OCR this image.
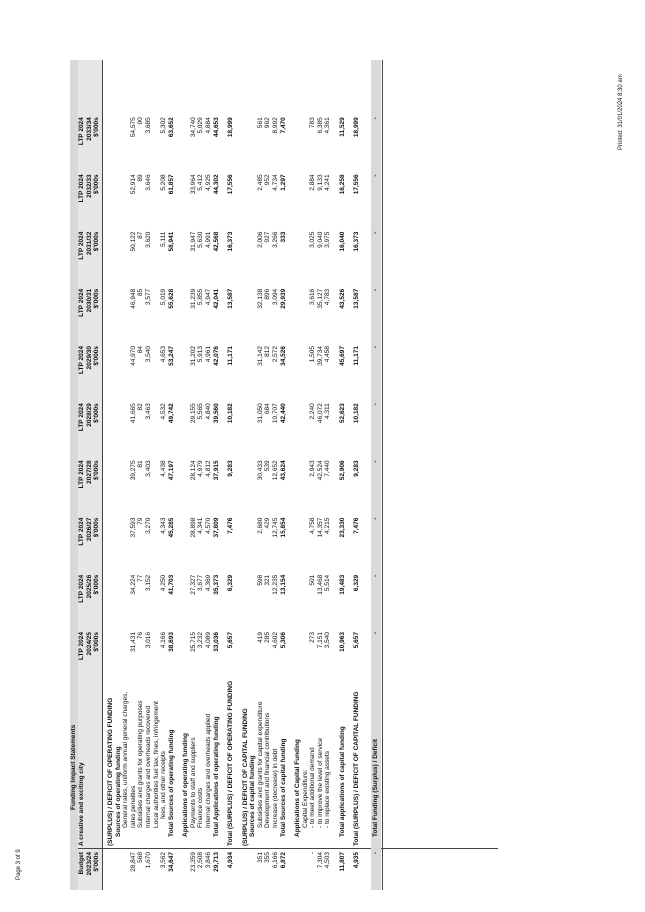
Funding Impact Statements
Budget 2023/24 $'000s
A creative and exciting city
LTP 2024 2024/25 $'000s
LTP 2024 2025/26 $'000s
LTP 2024 2026/27 $'000s
LTP 2024 2027/28 $'000s
LTP 2024 2028/29 $'000s
LTP 2024 2029/30 $'000s
LTP 2024 2030/31 $'000s
LTP 2024 2031/32 $'000s
LTP 2024 2032/33 $'000s
LTP 2024 2033/34 $'000s
(SURPLUS) / DEFICIT OF OPERATING FUNDING Sources of operating funding General rates, uniform annual general charges, rates penalties
28,847
31,431
34,224
37,593
39,275
41,665
44,970
46,948
50,122
52,914
54,575
Subsidies and grants for operating purposes
568
76
77
79
81
82
84
85
87
89
90
Internal charges and overheads recovered
1,670
3,016
3,152
3,270
3,403
3,463
3,540
3,577
3,620
3,646
3,685
Local authorities fuel tax, fines, infringement fees, and other receipts
3,562
4,166
4,250
4,343
4,438
4,532
4,653
5,019
5,111
5,208
5,302
Total Sources of operating funding
34,647
38,693
41,703
45,285
47,197
49,742
53,247
55,628
58,941
61,857
63,652
Applications of operating funding Payments to staff and suppliers
23,359
25,715
27,327
28,898
28,124
29,155
31,202
31,239
31,947
33,964
34,740
Finance costs
2,508
3,232
3,677
4,341
4,979
5,565
5,913
5,855
5,630
5,412
5,029
Internal charges and overheads applied
3,846
4,089
4,369
4,570
4,812
4,840
4,961
4,947
4,991
4,925
4,884
Total Applications of operating funding
29,713
33,036
35,373
37,809
37,915
39,560
42,076
42,041
42,568
44,302
44,653
Total (SURPLUS) / DEFICIT OF OPERATING FUNDING
4,934
5,657
6,329
7,476
9,283
10,182
11,171
13,587
16,373
17,556
18,999
(SURPLUS) / DEFICIT OF CAPITAL FUNDING Sources of capital funding Subsidies and grants for capital expenditure
351
419
598
2,680
30,433
31,050
31,142
32,138
2,006
2,485
561
Development and financial contributions
355
285
321
429
539
684
812
896
927
952
962
Increase (decrease) in debt
6,166
4,602
12,235
12,745
12,652
10,707
2,572
3,094
3,266
4,734
8,992
Total Sources of capital funding
6,872
5,306
13,154
15,854
43,624
42,440
34,526
29,939
333
1,297
7,470
Applications of Capital Funding Capital Expenditure: - to meet additional demand
-
273
501
4,758
2,943
2,240
1,505
3,616
3,025
2,884
783
- to improve the level of service
7,304
7,151
13,468
14,357
42,524
46,072
39,734
35,127
9,040
9,133
6,385
- to replace existing assets
4,503
3,540
5,514
4,215
7,440
4,311
4,458
4,783
3,975
4,241
4,361
Total applications of capital funding
11,807
10,963
19,483
23,330
52,906
52,623
45,697
43,526
16,040
16,258
11,529
Total (SURPLUS) / DEFICIT OF CAPITAL FUNDING
4,935
5,657
6,329
7,476
9,283
10,182
11,171
13,587
16,373
17,556
18,999
Total Funding (Surplus) / Deficit
-
-
-
-
-
-
-
-
-
-
-
Page 3 of 9
Printed: 31/01/2024 8:30 am
